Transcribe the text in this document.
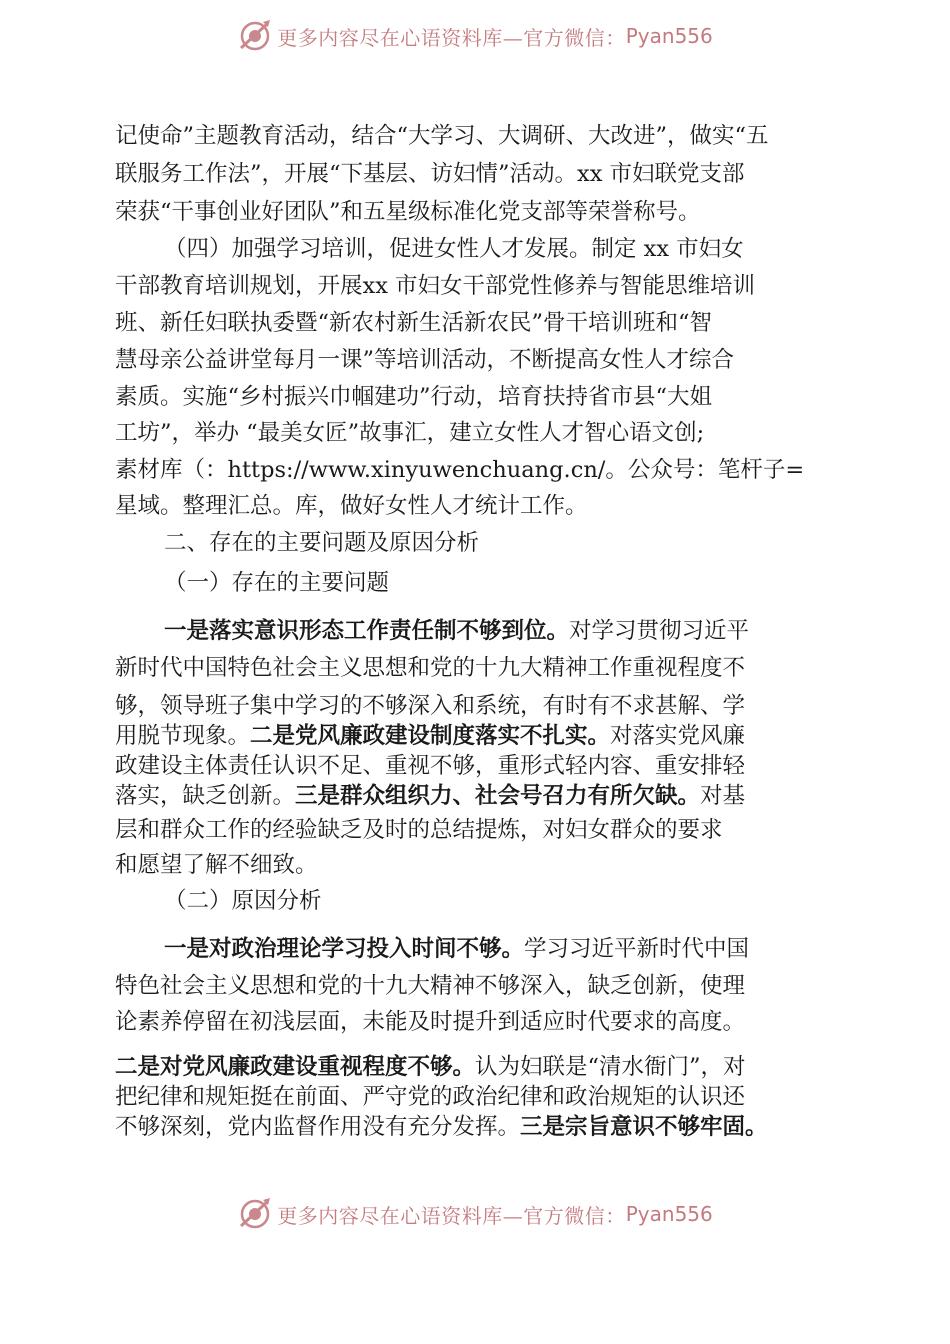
更多内容尽在心语资料库—官方微信： Pyan556
记使命”主题教育活动，结合“大学习、大调研、大改进”，做实“五
联服务工作法”，开展“下基层、访妇情”活动。xx 市妇联党支部
荣获“干事创业好团队”和五星级标准化党支部等荣誉称号。
（四）加强学习培训，促进女性人才发展。制定 xx 市妇女
干部教育培训规划，开展xx 市妇女干部党性修养与智能思维培训
班、新任妇联执委暨“新农村新生活新农民”骨干培训班和“智
慧母亲公益讲堂每月一课”等培训活动，不断提高女性人才综合
素质。实施“乡村振兴巾帼建功”行动，培育扶持省市县“大姐
工坊”，举办 “最美女匠”故事汇，建立女性人才智心语文创;
素材库（：https://www.xinyuwenchuang.cn/。公众号：笔杆子=
星域。整理汇总。库，做好女性人才统计工作。
二、存在的主要问题及原因分析
（一）存在的主要问题
一是落实意识形态工作责任制不够到位。对学习贯彻习近平
新时代中国特色社会主义思想和党的十九大精神工作重视程度不
够，领导班子集中学习的不够深入和系统，有时有不求甚解、学
用脱节现象。二是党风廉政建设制度落实不扎实。对落实党风廉
政建设主体责任认识不足、重视不够，重形式轻内容、重安排轻
落实，缺乏创新。三是群众组织力、社会号召力有所欠缺。对基
层和群众工作的经验缺乏及时的总结提炼，对妇女群众的要求
和愿望了解不细致。
（二）原因分析
一是对政治理论学习投入时间不够。学习习近平新时代中国
特色社会主义思想和党的十九大精神不够深入，缺乏创新，使理
论素养停留在初浅层面，未能及时提升到适应时代要求的高度。
二是对党风廉政建设重视程度不够。认为妇联是“清水衙门”，对
把纪律和规矩挺在前面、严守党的政治纪律和政治规矩的认识还
不够深刻，党内监督作用没有充分发挥。三是宗旨意识不够牢固。
更多内容尽在心语资料库—官方微信： Pyan556
